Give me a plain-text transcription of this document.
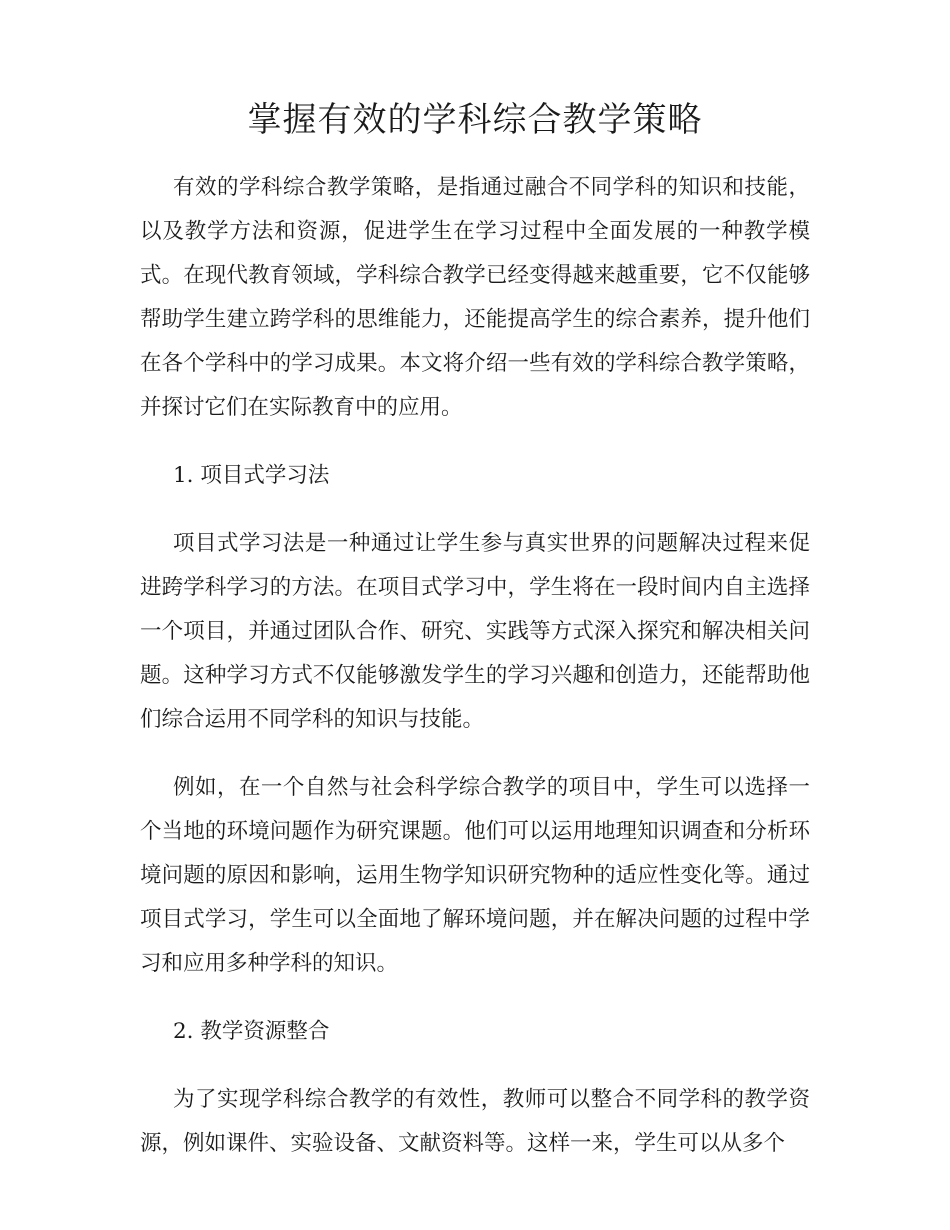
掌握有效的学科综合教学策略

有效的学科综合教学策略，是指通过融合不同学科的知识和技能，以及教学方法和资源，促进学生在学习过程中全面发展的一种教学模式。在现代教育领域，学科综合教学已经变得越来越重要，它不仅能够帮助学生建立跨学科的思维能力，还能提高学生的综合素养，提升他们在各个学科中的学习成果。本文将介绍一些有效的学科综合教学策略，并探讨它们在实际教育中的应用。

1. 项目式学习法

项目式学习法是一种通过让学生参与真实世界的问题解决过程来促进跨学科学习的方法。在项目式学习中，学生将在一段时间内自主选择一个项目，并通过团队合作、研究、实践等方式深入探究和解决相关问题。这种学习方式不仅能够激发学生的学习兴趣和创造力，还能帮助他们综合运用不同学科的知识与技能。

例如，在一个自然与社会科学综合教学的项目中，学生可以选择一个当地的环境问题作为研究课题。他们可以运用地理知识调查和分析环境问题的原因和影响，运用生物学知识研究物种的适应性变化等。通过项目式学习，学生可以全面地了解环境问题，并在解决问题的过程中学习和应用多种学科的知识。

2. 教学资源整合

为了实现学科综合教学的有效性，教师可以整合不同学科的教学资源，例如课件、实验设备、文献资料等。这样一来，学生可以从多个
